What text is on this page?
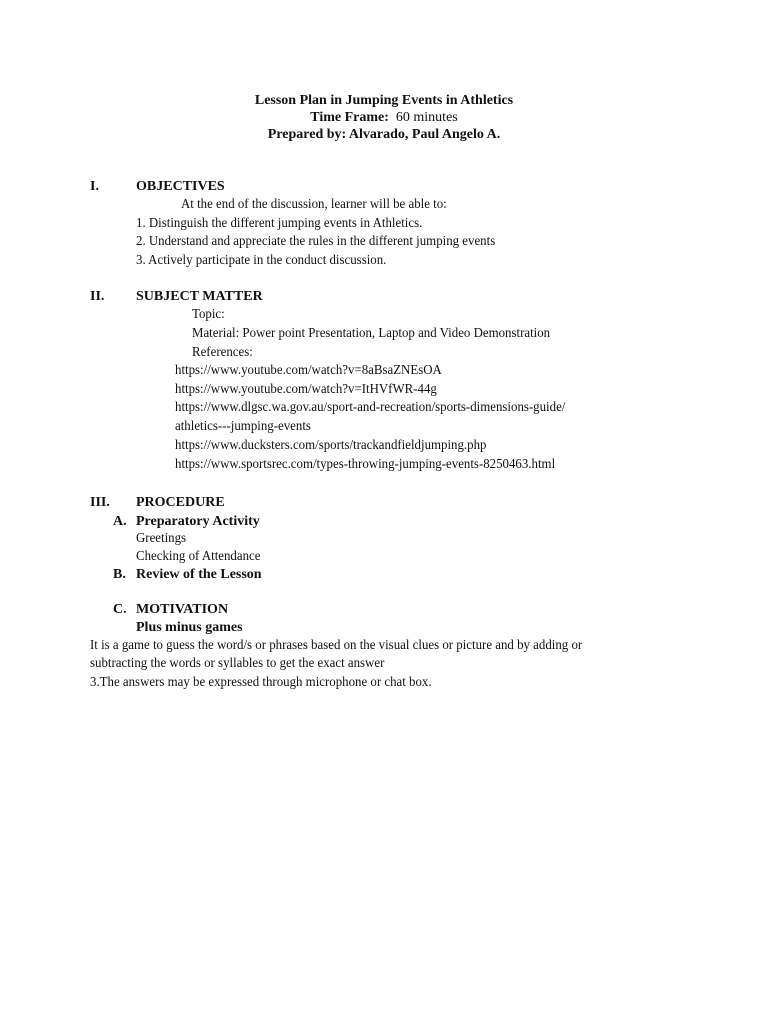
Lesson Plan in Jumping Events in Athletics
Time Frame: 60 minutes
Prepared by: Alvarado, Paul Angelo A.
I.	OBJECTIVES
At the end of the discussion, learner will be able to:
1. Distinguish the different jumping events in Athletics.
2. Understand and appreciate the rules in the different jumping events
3. Actively participate in the conduct discussion.
II. SUBJECT MATTER
Topic:
Material: Power point Presentation, Laptop and Video Demonstration
References:
https://www.youtube.com/watch?v=8aBsaZNEsOA
https://www.youtube.com/watch?v=ItHVfWR-44g
https://www.dlgsc.wa.gov.au/sport-and-recreation/sports-dimensions-guide/
athletics---jumping-events
https://www.ducksters.com/sports/trackandfieldjumping.php
https://www.sportsrec.com/types-throwing-jumping-events-8250463.html
III. PROCEDURE
A. Preparatory Activity
Greetings
Checking of Attendance
B. Review of the Lesson
C. MOTIVATION
Plus minus games
It is a game to guess the word/s or phrases based on the visual clues or picture and by adding or
subtracting the words or syllables to get the exact answer
3.The answers may be expressed through microphone or chat box.
